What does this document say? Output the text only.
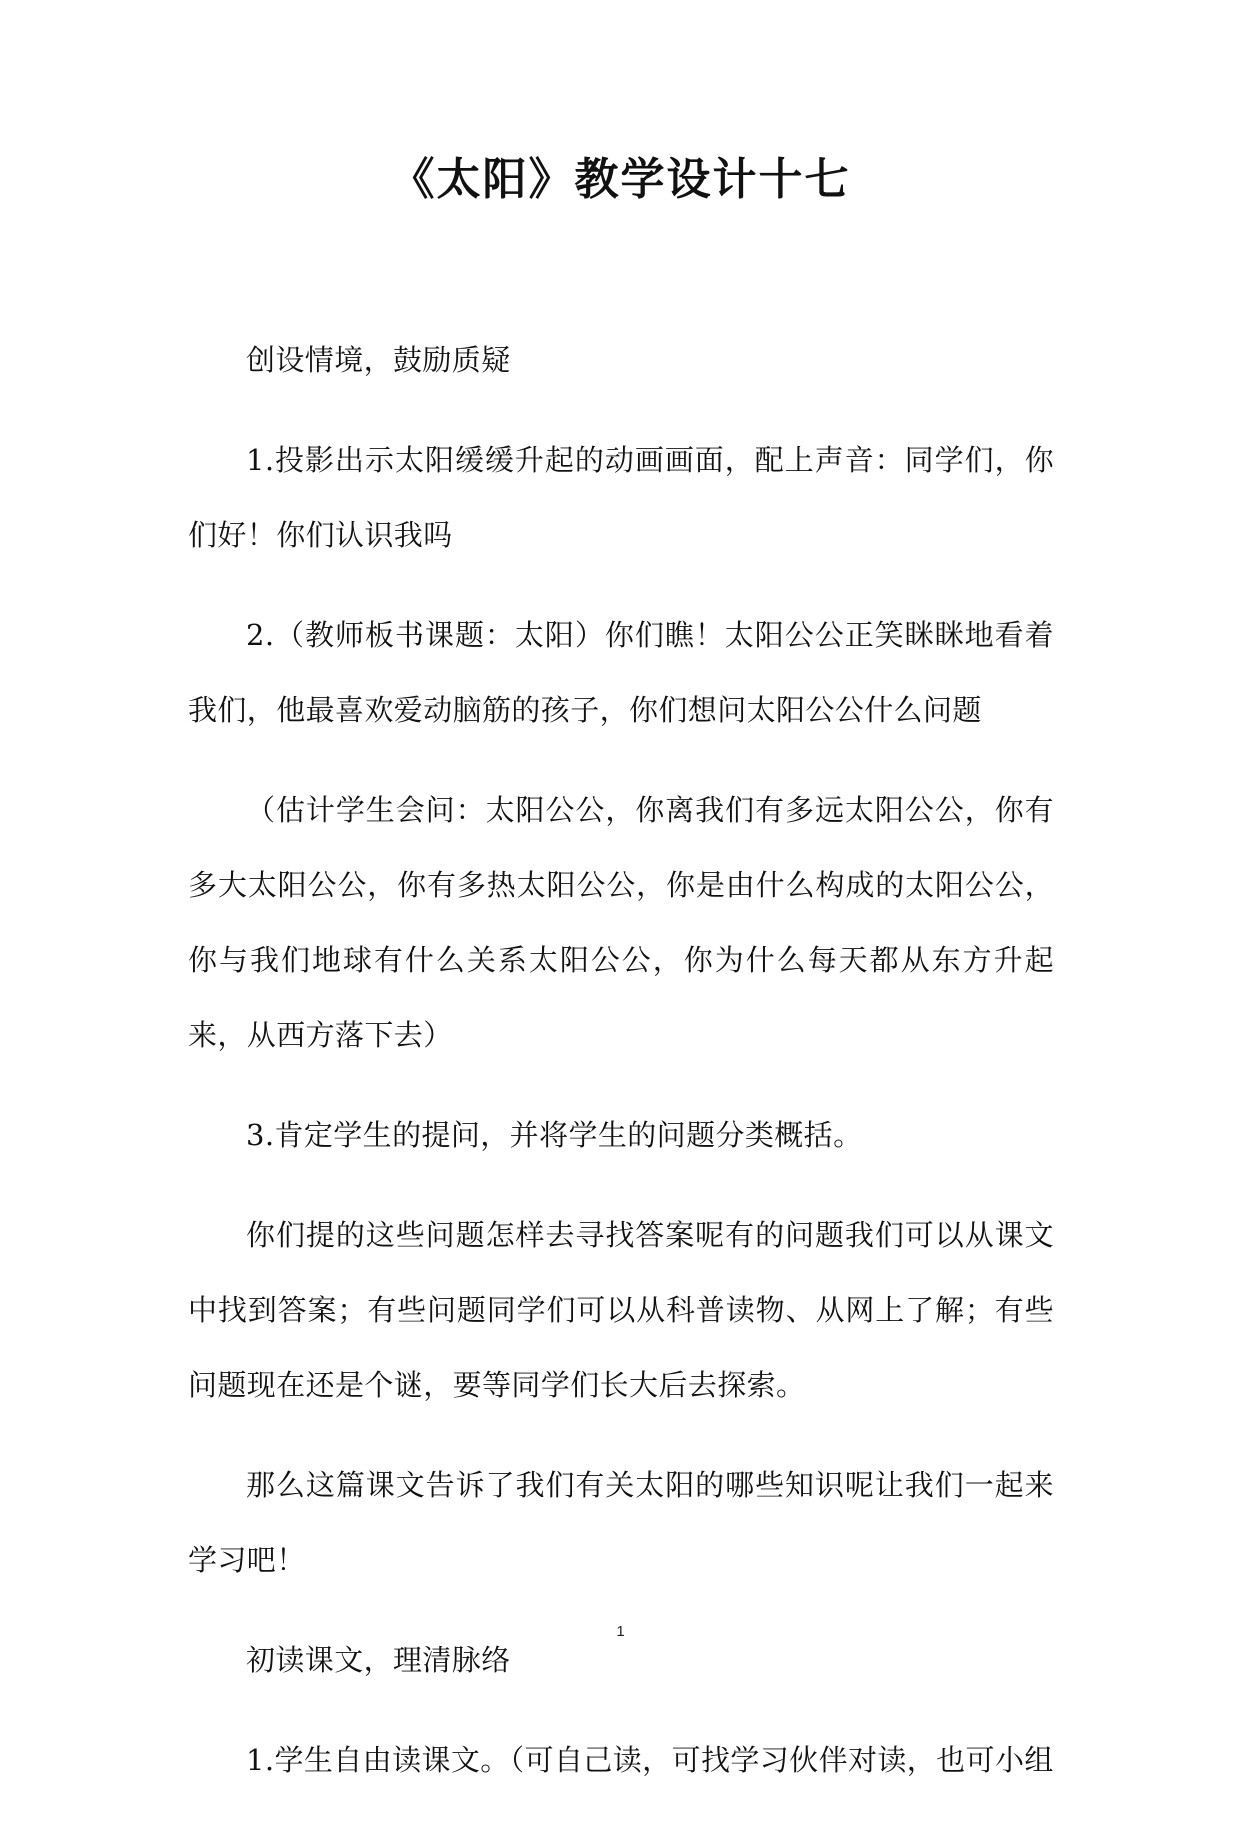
《太阳》教学设计十七

创设情境，鼓励质疑

1.投影出示太阳缓缓升起的动画画面，配上声音：同学们，你们好！你们认识我吗

2.（教师板书课题：太阳）你们瞧！太阳公公正笑眯眯地看着我们，他最喜欢爱动脑筋的孩子，你们想问太阳公公什么问题

（估计学生会问：太阳公公，你离我们有多远太阳公公，你有多大太阳公公，你有多热太阳公公，你是由什么构成的太阳公公，你与我们地球有什么关系太阳公公，你为什么每天都从东方升起来，从西方落下去）

3.肯定学生的提问，并将学生的问题分类概括。

你们提的这些问题怎样去寻找答案呢有的问题我们可以从课文中找到答案；有些问题同学们可以从科普读物、从网上了解；有些问题现在还是个谜，要等同学们长大后去探索。

那么这篇课文告诉了我们有关太阳的哪些知识呢让我们一起来学习吧！

初读课文，理清脉络

1.学生自由读课文。（可自己读，可找学习伙伴对读，也可小组

1
